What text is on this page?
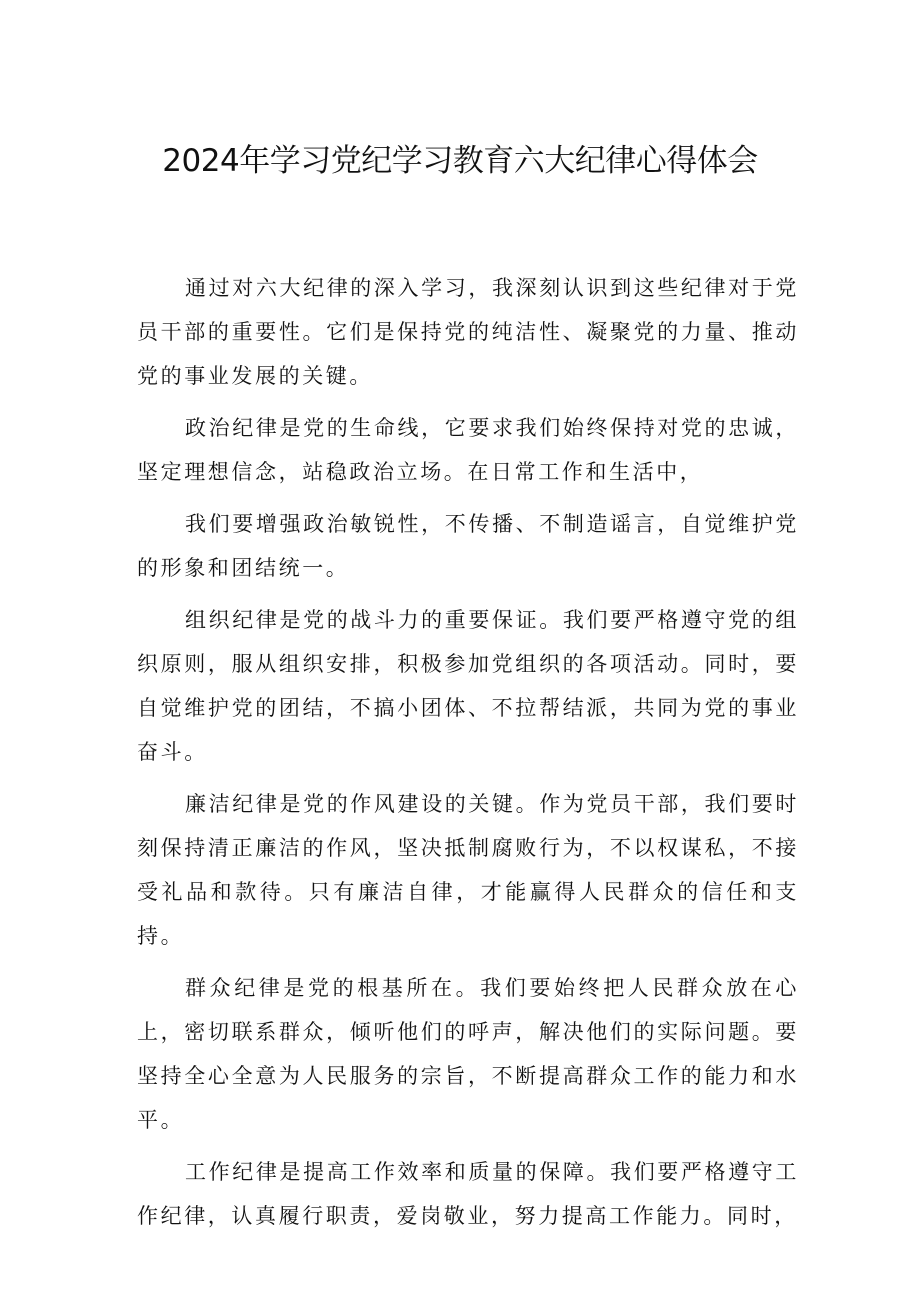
2024年学习党纪学习教育六大纪律心得体会

通过对六大纪律的深入学习，我深刻认识到这些纪律对于党员干部的重要性。它们是保持党的纯洁性、凝聚党的力量、推动党的事业发展的关键。

政治纪律是党的生命线，它要求我们始终保持对党的忠诚，坚定理想信念，站稳政治立场。在日常工作和生活中，

我们要增强政治敏锐性，不传播、不制造谣言，自觉维护党的形象和团结统一。

组织纪律是党的战斗力的重要保证。我们要严格遵守党的组织原则，服从组织安排，积极参加党组织的各项活动。同时，要自觉维护党的团结，不搞小团体、不拉帮结派，共同为党的事业奋斗。

廉洁纪律是党的作风建设的关键。作为党员干部，我们要时刻保持清正廉洁的作风，坚决抵制腐败行为，不以权谋私，不接受礼品和款待。只有廉洁自律，才能赢得人民群众的信任和支持。

群众纪律是党的根基所在。我们要始终把人民群众放在心上，密切联系群众，倾听他们的呼声，解决他们的实际问题。要坚持全心全意为人民服务的宗旨，不断提高群众工作的能力和水平。

工作纪律是提高工作效率和质量的保障。我们要严格遵守工作纪律，认真履行职责，爱岗敬业，努力提高工作能力。同时，
